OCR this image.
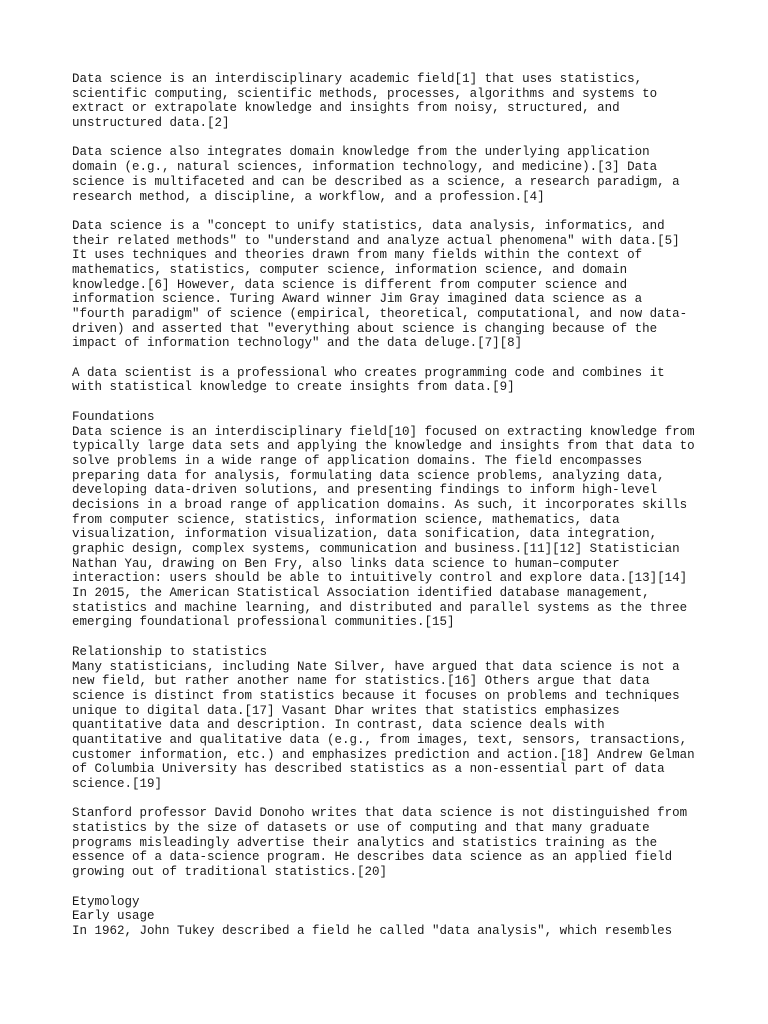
Data science is an interdisciplinary academic field[1] that uses statistics,
scientific computing, scientific methods, processes, algorithms and systems to
extract or extrapolate knowledge and insights from noisy, structured, and
unstructured data.[2]
Data science also integrates domain knowledge from the underlying application
domain (e.g., natural sciences, information technology, and medicine).[3] Data
science is multifaceted and can be described as a science, a research paradigm, a
research method, a discipline, a workflow, and a profession.[4]
Data science is a "concept to unify statistics, data analysis, informatics, and
their related methods" to "understand and analyze actual phenomena" with data.[5]
It uses techniques and theories drawn from many fields within the context of
mathematics, statistics, computer science, information science, and domain
knowledge.[6] However, data science is different from computer science and
information science. Turing Award winner Jim Gray imagined data science as a
"fourth paradigm" of science (empirical, theoretical, computational, and now data-
driven) and asserted that "everything about science is changing because of the
impact of information technology" and the data deluge.[7][8]
A data scientist is a professional who creates programming code and combines it
with statistical knowledge to create insights from data.[9]
Foundations
Data science is an interdisciplinary field[10] focused on extracting knowledge from
typically large data sets and applying the knowledge and insights from that data to
solve problems in a wide range of application domains. The field encompasses
preparing data for analysis, formulating data science problems, analyzing data,
developing data-driven solutions, and presenting findings to inform high-level
decisions in a broad range of application domains. As such, it incorporates skills
from computer science, statistics, information science, mathematics, data
visualization, information visualization, data sonification, data integration,
graphic design, complex systems, communication and business.[11][12] Statistician
Nathan Yau, drawing on Ben Fry, also links data science to human–computer
interaction: users should be able to intuitively control and explore data.[13][14]
In 2015, the American Statistical Association identified database management,
statistics and machine learning, and distributed and parallel systems as the three
emerging foundational professional communities.[15]
Relationship to statistics
Many statisticians, including Nate Silver, have argued that data science is not a
new field, but rather another name for statistics.[16] Others argue that data
science is distinct from statistics because it focuses on problems and techniques
unique to digital data.[17] Vasant Dhar writes that statistics emphasizes
quantitative data and description. In contrast, data science deals with
quantitative and qualitative data (e.g., from images, text, sensors, transactions,
customer information, etc.) and emphasizes prediction and action.[18] Andrew Gelman
of Columbia University has described statistics as a non-essential part of data
science.[19]
Stanford professor David Donoho writes that data science is not distinguished from
statistics by the size of datasets or use of computing and that many graduate
programs misleadingly advertise their analytics and statistics training as the
essence of a data-science program. He describes data science as an applied field
growing out of traditional statistics.[20]
Etymology
Early usage
In 1962, John Tukey described a field he called "data analysis", which resembles
